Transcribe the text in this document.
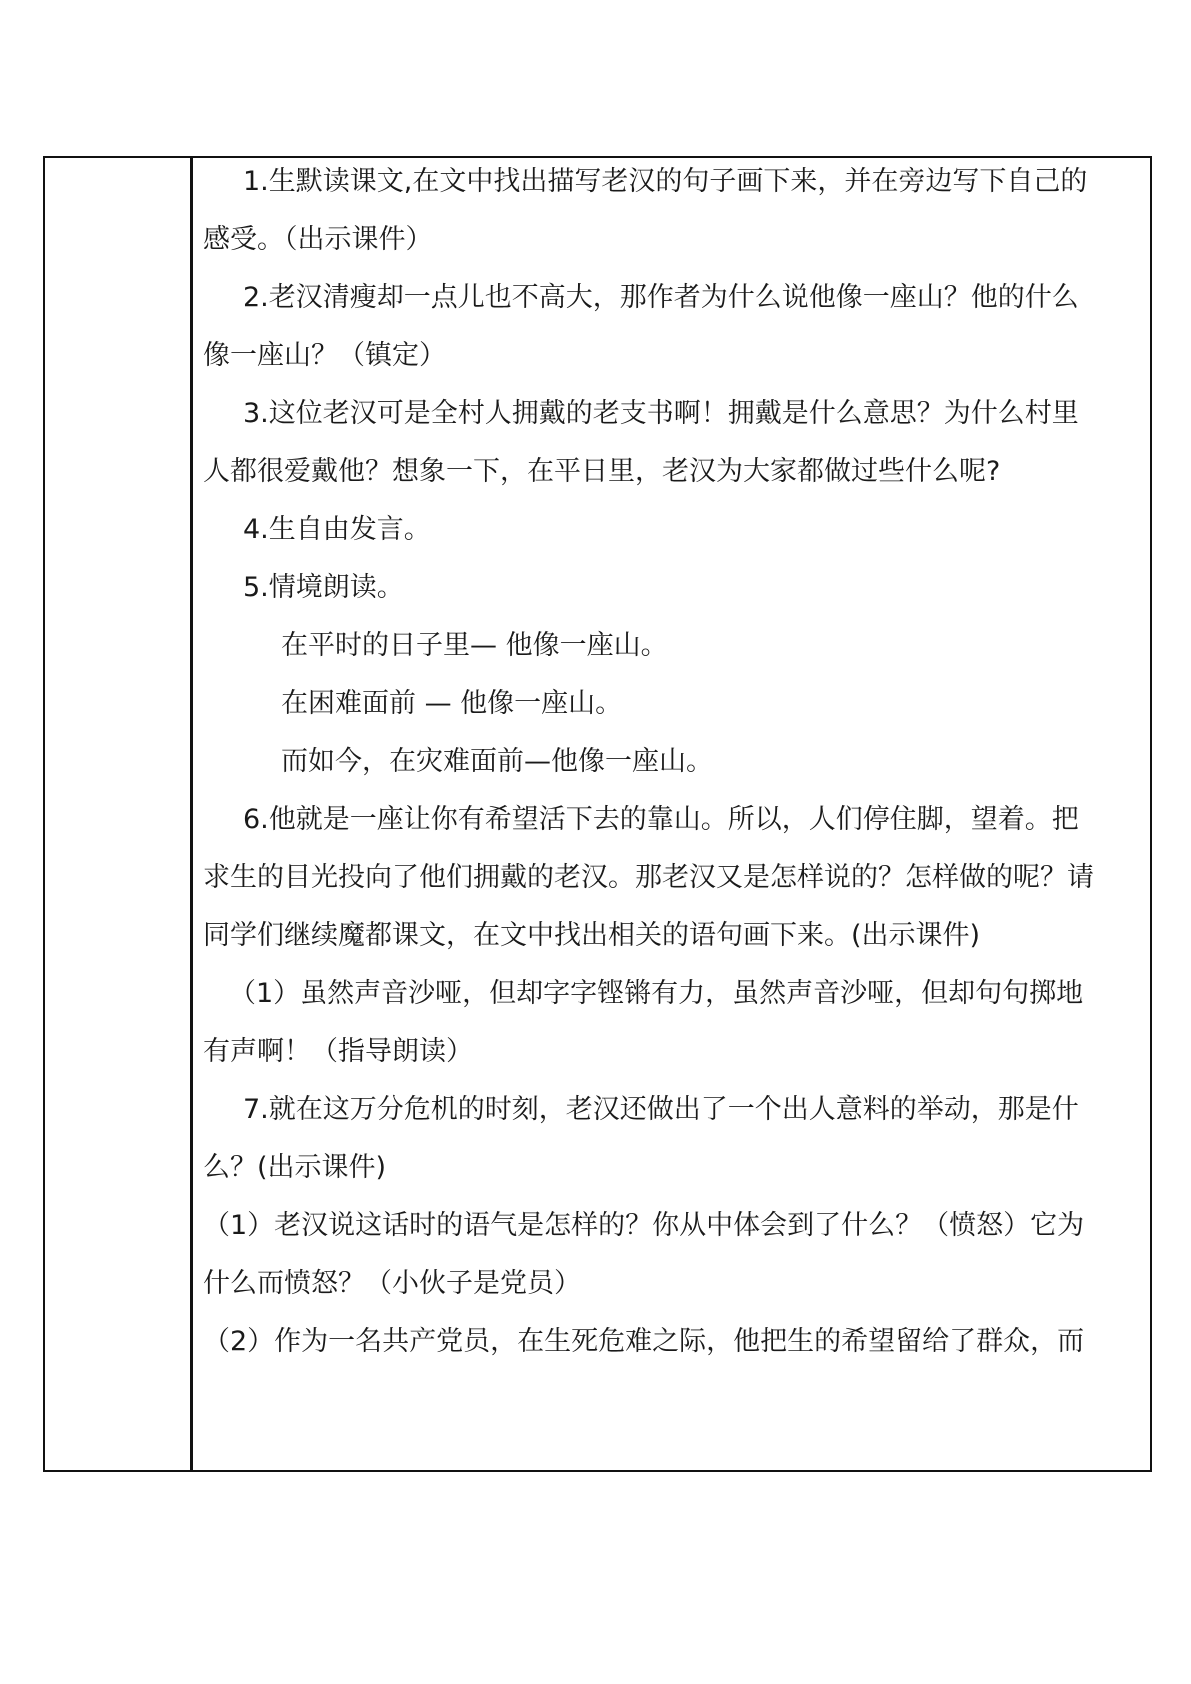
1.生默读课文,在文中找出描写老汉的句子画下来，并在旁边写下自己的
感受。（出示课件）
2.老汉清瘦却一点儿也不高大，那作者为什么说他像一座山？他的什么
像一座山？（镇定）
3.这位老汉可是全村人拥戴的老支书啊！拥戴是什么意思？为什么村里
人都很爱戴他？想象一下，在平日里，老汉为大家都做过些什么呢?
4.生自由发言。
5.情境朗读。
在平时的日子里— 他像一座山。
在困难面前 — 他像一座山。
而如今，在灾难面前—他像一座山。
6.他就是一座让你有希望活下去的靠山。所以，人们停住脚，望着。把
求生的目光投向了他们拥戴的老汉。那老汉又是怎样说的？怎样做的呢？请
同学们继续魔都课文，在文中找出相关的语句画下来。(出示课件)
（1）虽然声音沙哑，但却字字铿锵有力，虽然声音沙哑，但却句句掷地
有声啊！（指导朗读）
7.就在这万分危机的时刻，老汉还做出了一个出人意料的举动，那是什
么？(出示课件)
（1）老汉说这话时的语气是怎样的？你从中体会到了什么？（愤怒）它为
什么而愤怒？（小伙子是党员）
（2）作为一名共产党员，在生死危难之际，他把生的希望留给了群众，而
